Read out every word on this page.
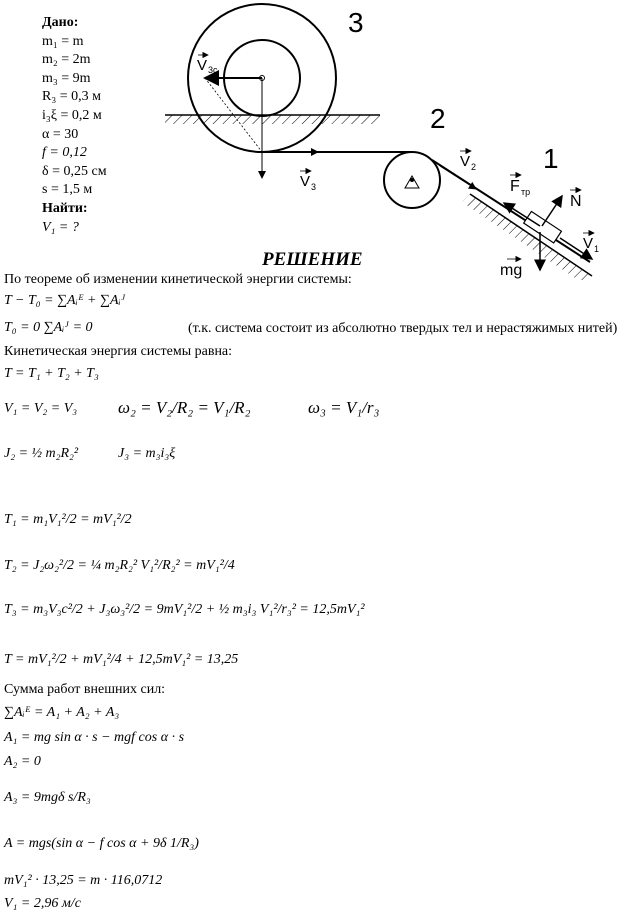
Дано:
m₁ = m
m₂ = 2m
m₃ = 9m
R₃ = 0,3 м
i₃ξ = 0,2 м
α = 30
f = 0,12
δ = 0,25 см
s = 1,5 м
Найти:
V₁ = ?
3
2
1
V 3c
V 3
V 2
F тр
N
V 1
mg
РЕШЕНИЕ
По теореме об изменении кинетической энергии системы:
T − T₀ = ∑Aᵢᴱ + ∑Aᵢᴶ
T₀ = 0 ∑Aᵢᴶ = 0	(т.к. система состоит из абсолютно твердых тел и нерастяжимых нитей)
Кинетическая энергия системы равна:
T = T₁ + T₂ + T₃
V₁ = V₂ = V₃ ω₂ = V₂/R₂ = V₁/R₂	ω₃ = V₁/r₃
J₂ = ½ m₂R₂²	J₃ = m₃i₃ξ
T₁ = m₁V₁²/2 = mV₁²/2
T₂ = J₂ω₂²/2 = ¼ m₂R₂² V₁²/R₂² = mV₁²/4
T₃ = m₃V₃c²/2 + J₃ω₃²/2 = 9mV₁²/2 + ½ m₃i₃ V₁²/r₃² = 12,5mV₁²
T = mV₁²/2 + mV₁²/4 + 12,5mV₁² = 13,25
Сумма работ внешних сил:
∑Aᵢᴱ = A₁ + A₂ + A₃
A₁ = mg sin α · s − mgf cos α · s
A₂ = 0
A₃ = 9mgδ s/R₃
A = mgs(sin α − f cos α + 9δ 1/R₃)
mV₁² · 13,25 = m · 116,0712
V₁ = 2,96 м/с
